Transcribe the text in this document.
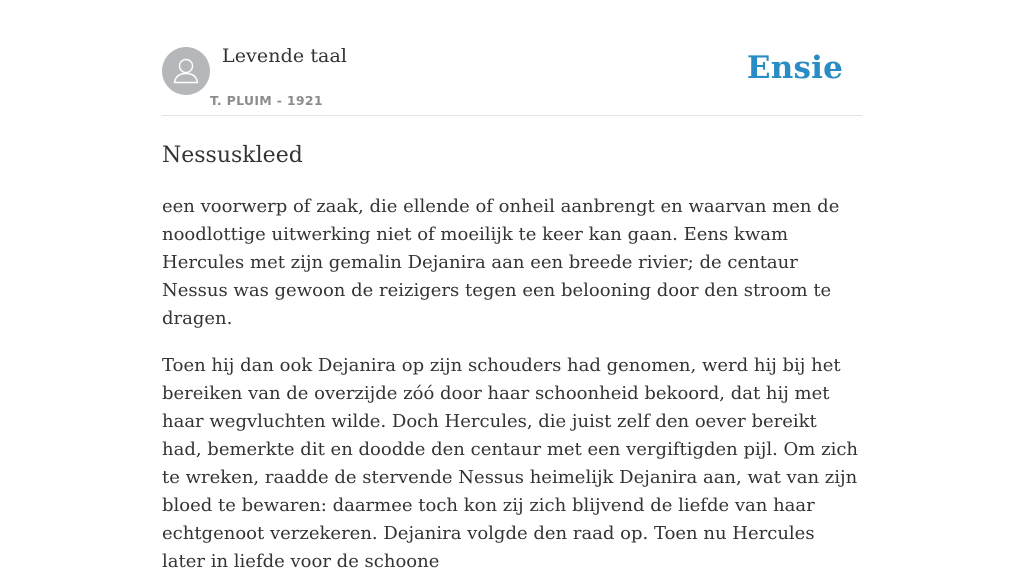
Levende taal
T. PLUIM - 1921
Ensie
Nessuskleed

een voorwerp of zaak, die ellende of onheil aanbrengt en waarvan men de noodlottige uitwerking niet of moeilijk te keer kan gaan. Eens kwam Hercules met zijn gemalin Dejanira aan een breede rivier; de centaur Nessus was gewoon de reizigers tegen een belooning door den stroom te dragen.

Toen hij dan ook Dejanira op zijn schouders had genomen, werd hij bij het bereiken van de overzijde zóó door haar schoonheid bekoord, dat hij met haar wegvluchten wilde. Doch Hercules, die juist zelf den oever bereikt had, bemerkte dit en doodde den centaur met een vergiftigden pijl. Om zich te wreken, raadde de stervende Nessus heimelijk Dejanira aan, wat van zijn bloed te bewaren: daarmee toch kon zij zich blijvend de liefde van haar echtgenoot verzekeren. Dejanira volgde den raad op. Toen nu Hercules later in liefde voor de schoone
